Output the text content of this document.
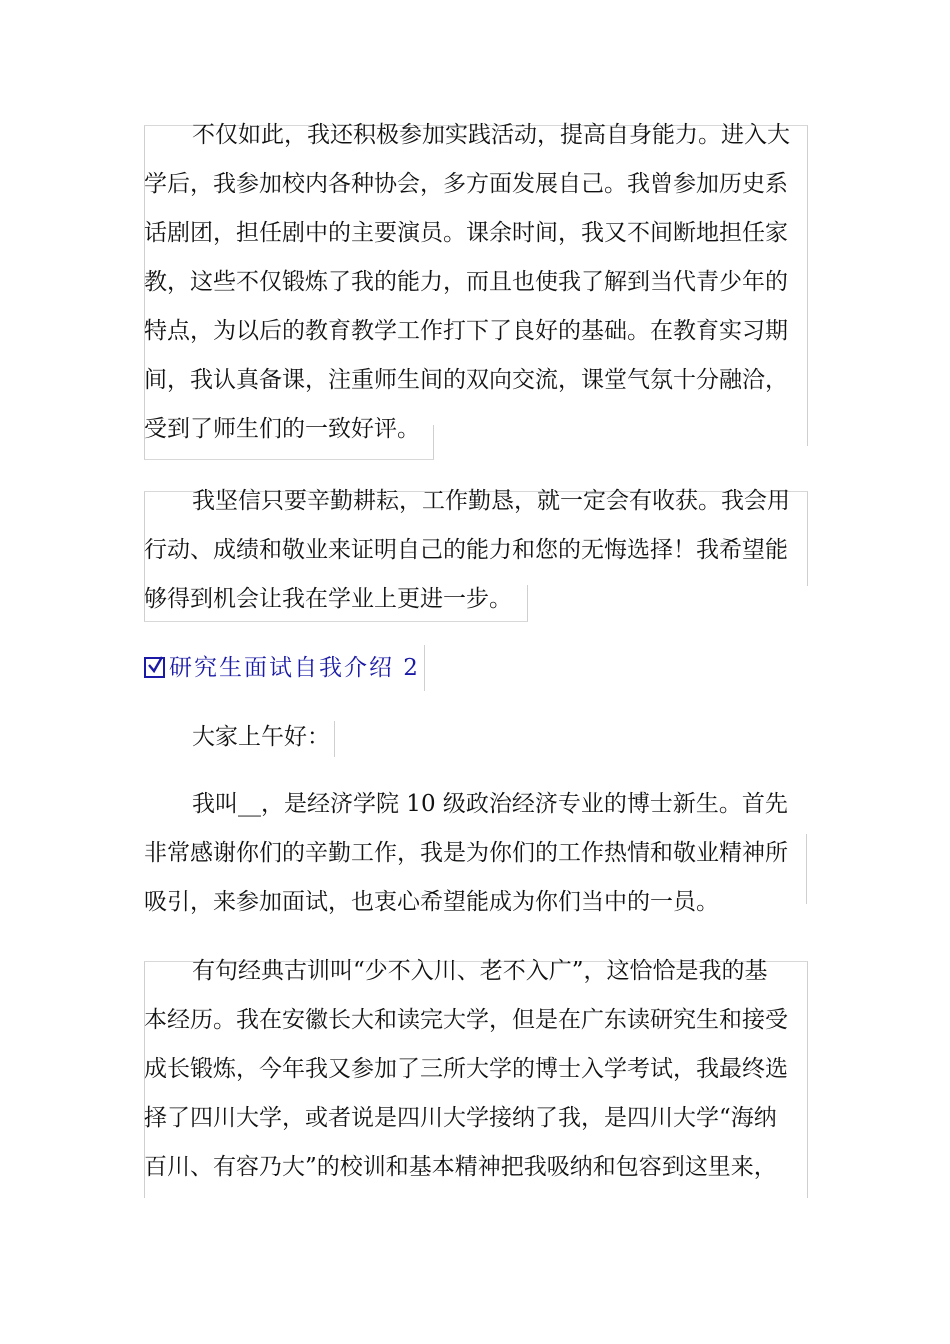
不仅如此，我还积极参加实践活动，提高自身能力。进入大
学后，我参加校内各种协会，多方面发展自己。我曾参加历史系
话剧团，担任剧中的主要演员。课余时间，我又不间断地担任家
教，这些不仅锻炼了我的能力，而且也使我了解到当代青少年的
特点，为以后的教育教学工作打下了良好的基础。在教育实习期
间，我认真备课，注重师生间的双向交流，课堂气氛十分融洽，
受到了师生们的一致好评。
我坚信只要辛勤耕耘，工作勤恳，就一定会有收获。我会用
行动、成绩和敬业来证明自己的能力和您的无悔选择！我希望能
够得到机会让我在学业上更进一步。
研究生面试自我介绍 2
大家上午好：
我叫__，是经济学院 10 级政治经济专业的博士新生。首先
非常感谢你们的辛勤工作，我是为你们的工作热情和敬业精神所
吸引，来参加面试，也衷心希望能成为你们当中的一员。
有句经典古训叫“少不入川、老不入广”，这恰恰是我的基
本经历。我在安徽长大和读完大学，但是在广东读研究生和接受
成长锻炼，今年我又参加了三所大学的博士入学考试，我最终选
择了四川大学，或者说是四川大学接纳了我，是四川大学“海纳
百川、有容乃大”的校训和基本精神把我吸纳和包容到这里来，
